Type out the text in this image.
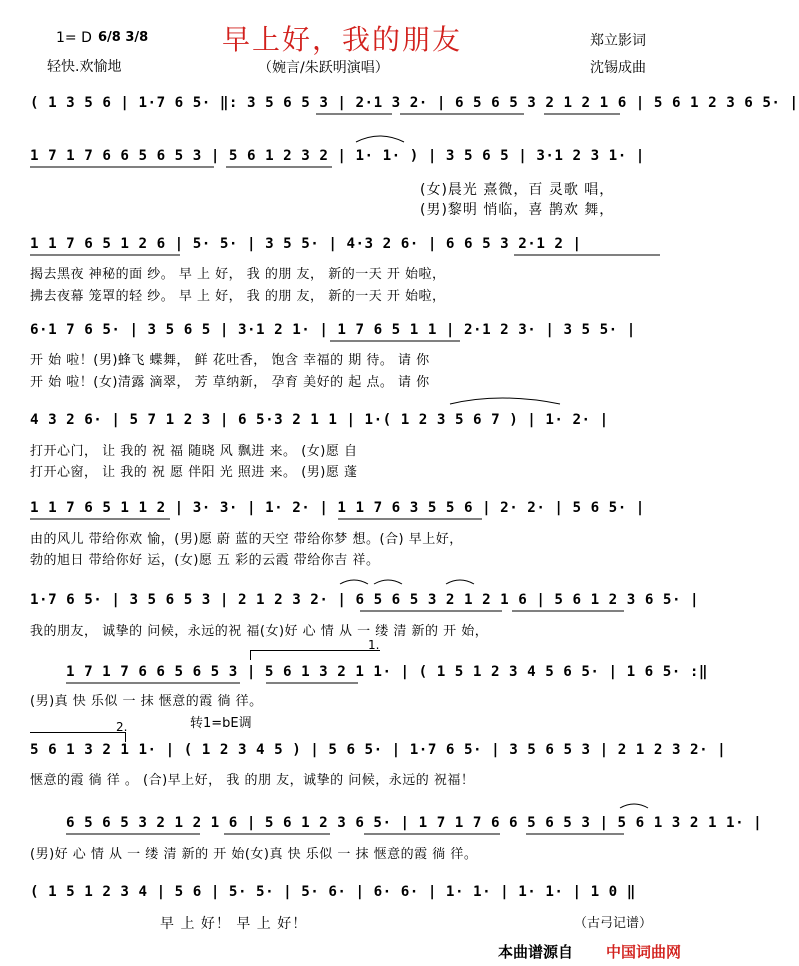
1= D 6/8 3/8
轻快.欢愉地
早上好，我的朋友
（婉言/朱跃明演唱）
郑立影词
沈锡成曲
( 1 3 5 6 | 1·7 6 5· ‖: 3 5 6 5 3 | 2·1 3 2· | 6 5 6 5 3 2 1 2 1 6 | 5 6 1 2 3 6 5· |
1 7 1 7 6 6 5 6 5 3 | 5 6 1 2 3 2 | 1· 1· ) | 3 5 6 5 | 3·1 2 3 1· |
(女)晨光 熹微，百 灵歌 唱，
(男)黎明 悄临，喜 鹊欢 舞，
1 1 7 6 5 1 2 6 | 5· 5· | 3 5 5· | 4·3 2 6· | 6 6 5 3 2·1 2 |
揭去黑夜 神秘的面 纱。 早 上 好， 我 的朋 友， 新的一天 开 始啦，
拂去夜幕 笼罩的轻 纱。 早 上 好， 我 的朋 友， 新的一天 开 始啦，
6·1 7 6 5· | 3 5 6 5 | 3·1 2 1· | 1 7 6 5 1 1 | 2·1 2 3· | 3 5 5· |
开 始 啦！(男)蜂飞 蝶舞， 鲜 花吐香， 饱含 幸福的 期 待。 请 你
开 始 啦！(女)清露 滴翠， 芳 草纳新， 孕育 美好的 起 点。 请 你
4 3 2 6· | 5 7 1 2 3 | 6 5·3 2 1 1 | 1·( 1 2 3 5 6 7 ) | 1· 2· |
打开心门， 让 我的 祝 福 随晓 风 飘进 来。 (女)愿 自
打开心窗， 让 我的 祝 愿 伴阳 光 照进 来。 (男)愿 蓬
1 1 7 6 5 1 1 2 | 3· 3· | 1· 2· | 1 1 7 6 3 5 5 6 | 2· 2· | 5 6 5· |
由的风儿 带给你欢 愉，(男)愿 蔚 蓝的天空 带给你梦 想。(合) 早上好，
勃的旭日 带给你好 运，(女)愿 五 彩的云霞 带给你吉 祥。
1·7 6 5· | 3 5 6 5 3 | 2 1 2 3 2· | 6 5 6 5 3 2 1 2 1 6 | 5 6 1 2 3 6 5· |
我的朋友， 诚挚的 问候，永远的祝 福(女)好 心 情 从 一 缕 清 新的 开 始，
1.
1 7 1 7 6 6 5 6 5 3 | 5 6 1 3 2 1 1· | ( 1 5 1 2 3 4 5 6 5· | 1 6 5· :‖
(男)真 快 乐似 一 抹 惬意的霞 徜 徉。
转1=bE调
2.
5 6 1 3 2 1 1· | ( 1 2 3 4 5 ) | 5 6 5· | 1·7 6 5· | 3 5 6 5 3 | 2 1 2 3 2· |
惬意的霞 徜 徉 。 (合)早上好， 我 的朋 友，诚挚的 问候，永远的 祝福！
6 5 6 5 3 2 1 2 1 6 | 5 6 1 2 3 6 5· | 1 7 1 7 6 6 5 6 5 3 | 5 6 1 3 2 1 1· |
(男)好 心 情 从 一 缕 清 新的 开 始(女)真 快 乐似 一 抹 惬意的霞 徜 徉。
( 1 5 1 2 3 4 | 5 6 | 5· 5· | 5· 6· | 6· 6· | 1· 1· | 1· 1· | 1 0 ‖
早 上 好！ 早 上 好！	（古弓记谱）
本曲谱源自 中国词曲网
